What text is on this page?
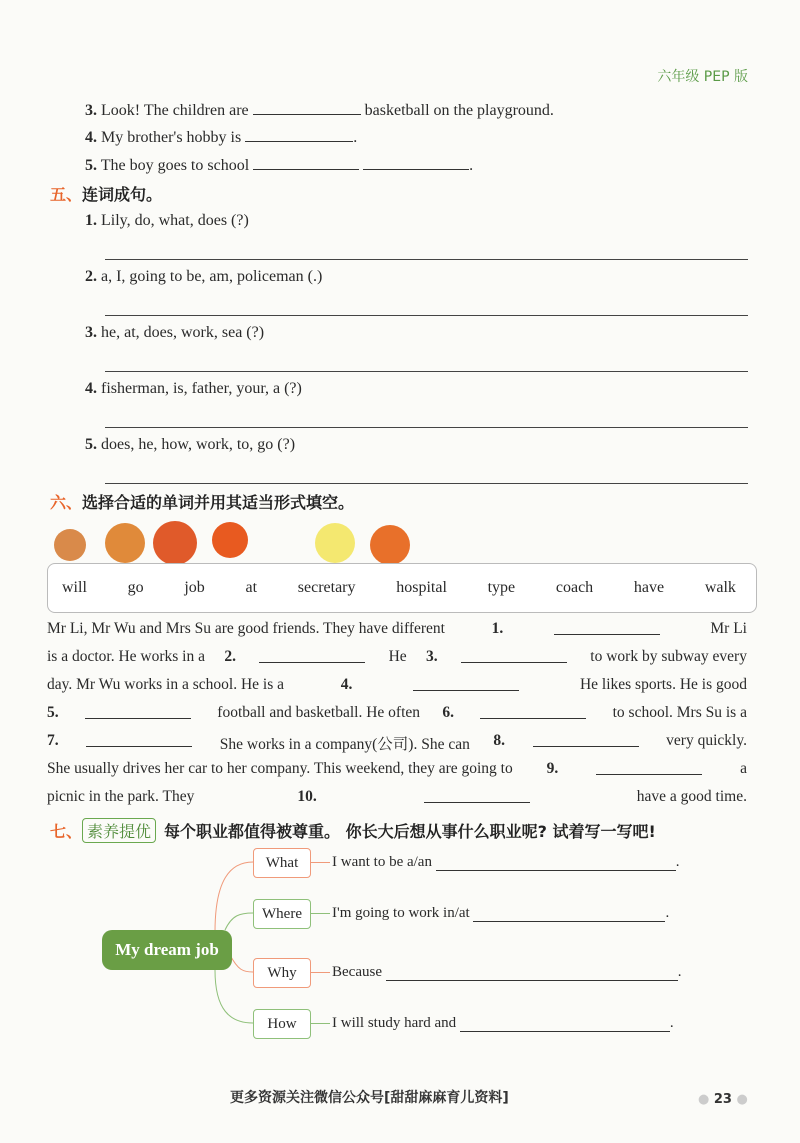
六年级 PEP 版
3. Look! The children are	basketball on the playground.
4. My brother's hobby is	.
5. The boy goes to school	.
五、连词成句。
1. Lily, do, what, does (?)
2. a, I, going to be, am, policeman (.)
3. he, at, does, work, sea (?)
4. fisherman, is, father, your, a (?)
5. does, he, how, work, to, go (?)
六、选择合适的单词并用其适当形式填空。
will	go	job	at	secretary	hospital	type	coach	have	walk
Mr Li, Mr Wu and Mrs Su are good friends. They have different	1.	Mr Li
is a doctor. He works in a 2.	He 3.	to work by subway every
day. Mr Wu works in a school. He is a	4.	He likes sports. He is good
5.	football and basketball. He often 6.	to school. Mrs Su is a
7.	She works in a company(公司). She can 8.	very quickly.
She usually drives her car to her company. This weekend, they are going to 9.	a
picnic in the park. They	10.	have a good time.
七、 素养提优 每个职业都值得被尊重。 你长大后想从事什么职业呢? 试着写一写吧!
My dream job
What	I want to be a/an
	.
Where	I'm going to work in/at
	.
Why	Because
	.
How	I will study hard and
	.
更多资源关注微信公众号[甜甜麻麻育儿资料]	● 23 ●
